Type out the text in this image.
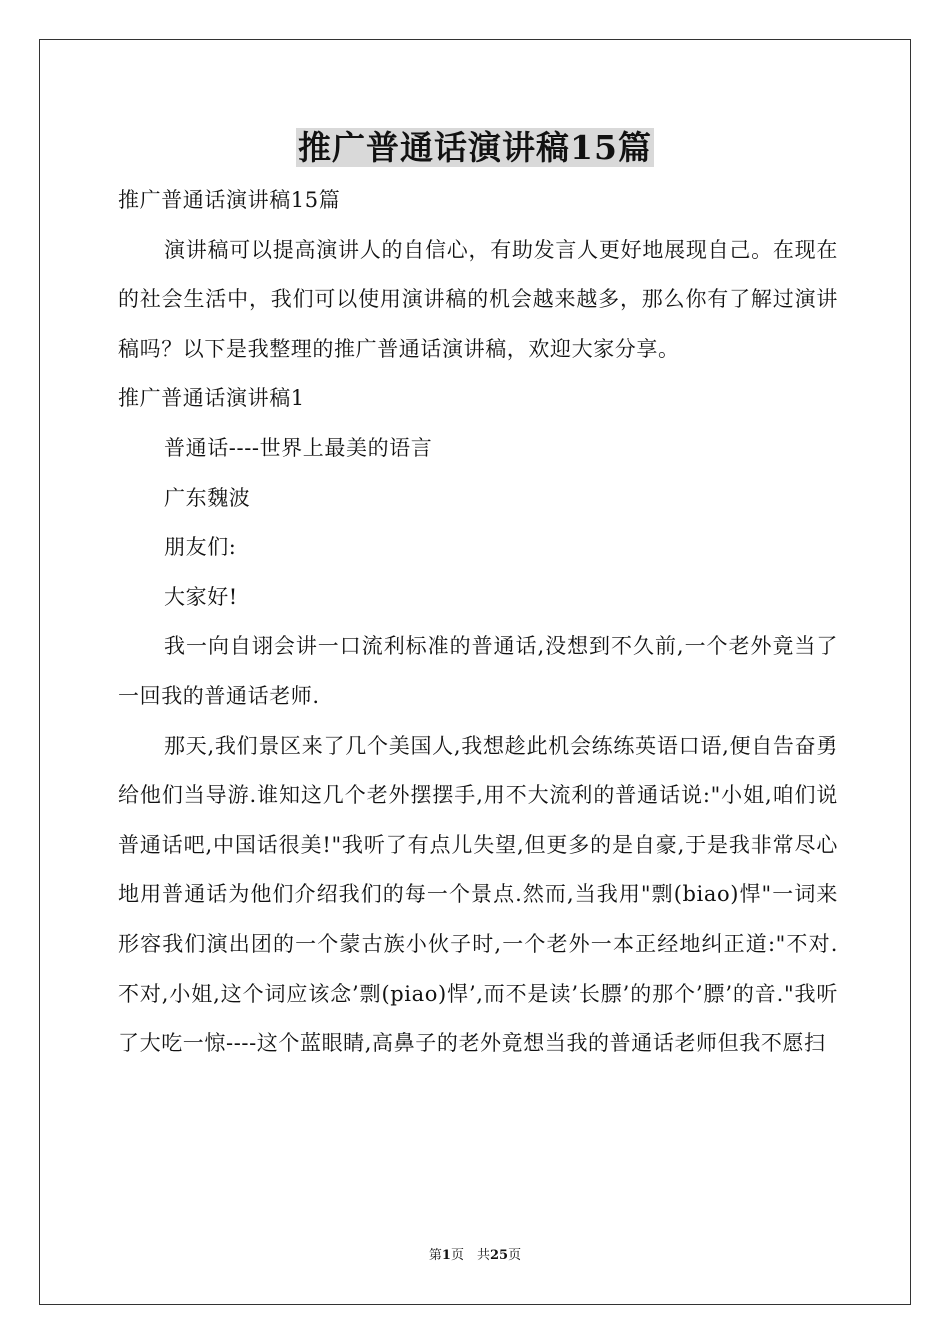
推广普通话演讲稿15篇

推广普通话演讲稿15篇

演讲稿可以提高演讲人的自信心，有助发言人更好地展现自己。在现在的社会生活中，我们可以使用演讲稿的机会越来越多，那么你有了解过演讲稿吗？以下是我整理的推广普通话演讲稿，欢迎大家分享。

推广普通话演讲稿1

普通话----世界上最美的语言

广东魏波

朋友们:

大家好!

我一向自诩会讲一口流利标准的普通话,没想到不久前,一个老外竟当了一回我的普通话老师.

那天,我们景区来了几个美国人,我想趁此机会练练英语口语,便自告奋勇给他们当导游.谁知这几个老外摆摆手,用不大流利的普通话说:"小姐,咱们说普通话吧,中国话很美!"我听了有点儿失望,但更多的是自豪,于是我非常尽心地用普通话为他们介绍我们的每一个景点.然而,当我用"剽(biao)悍"一词来形容我们演出团的一个蒙古族小伙子时,一个老外一本正经地纠正道:"不对.不对,小姐,这个词应该念’剽(piao)悍’,而不是读’长膘’的那个’膘’的音."我听了大吃一惊----这个蓝眼睛,高鼻子的老外竟想当我的普通话老师但我不愿扫

第1页　共25页
